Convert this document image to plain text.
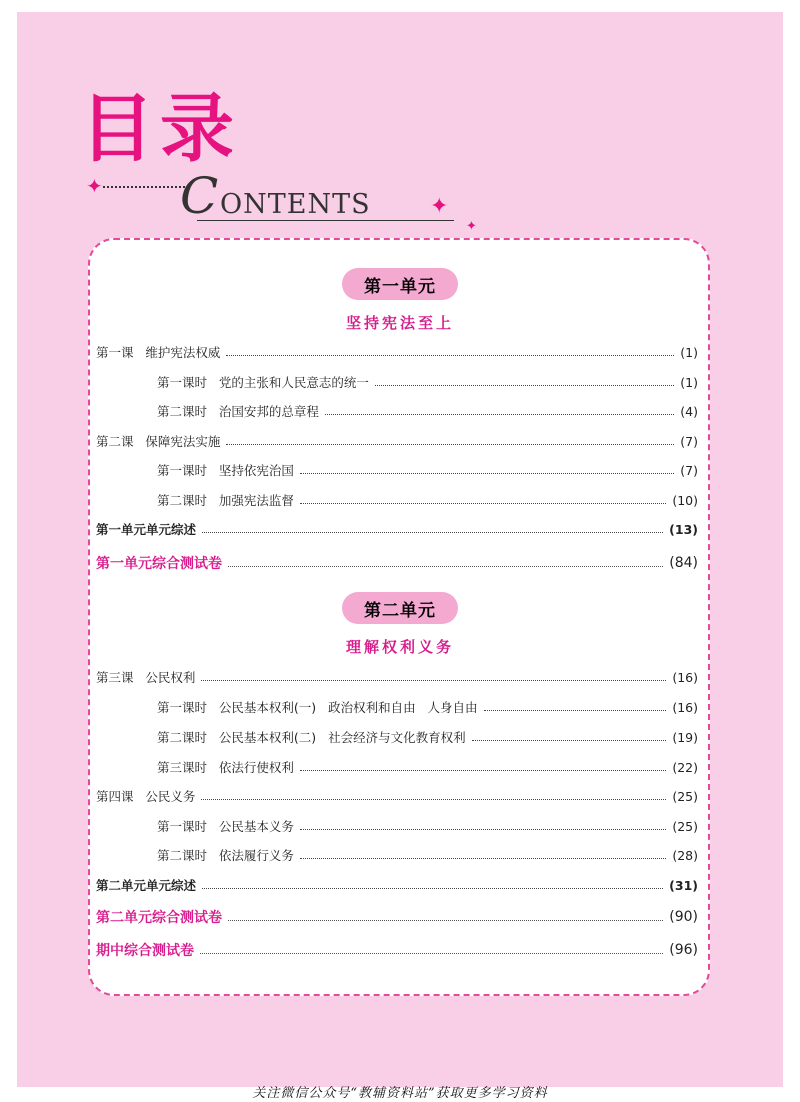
目录
✦ C ONTENTS	✦
✦
第一单元
坚持宪法至上
第一课   维护宪法权威	(1)
第一课时   党的主张和人民意志的统一	(1)
第二课时   治国安邦的总章程	(4)
第二课   保障宪法实施	(7)
第一课时   坚持依宪治国	(7)
第二课时   加强宪法监督	(10)
第一单元单元综述	(13)
第一单元综合测试卷	(84)
第二单元
理解权利义务
第三课   公民权利	(16)
第一课时   公民基本权利(一)   政治权利和自由   人身自由	(16)
第二课时   公民基本权利(二)   社会经济与文化教育权利	(19)
第三课时   依法行使权利	(22)
第四课   公民义务	(25)
第一课时   公民基本义务	(25)
第二课时   依法履行义务	(28)
第二单元单元综述	(31)
第二单元综合测试卷	(90)
期中综合测试卷	(96)
关注微信公众号“教辅资料站”获取更多学习资料
